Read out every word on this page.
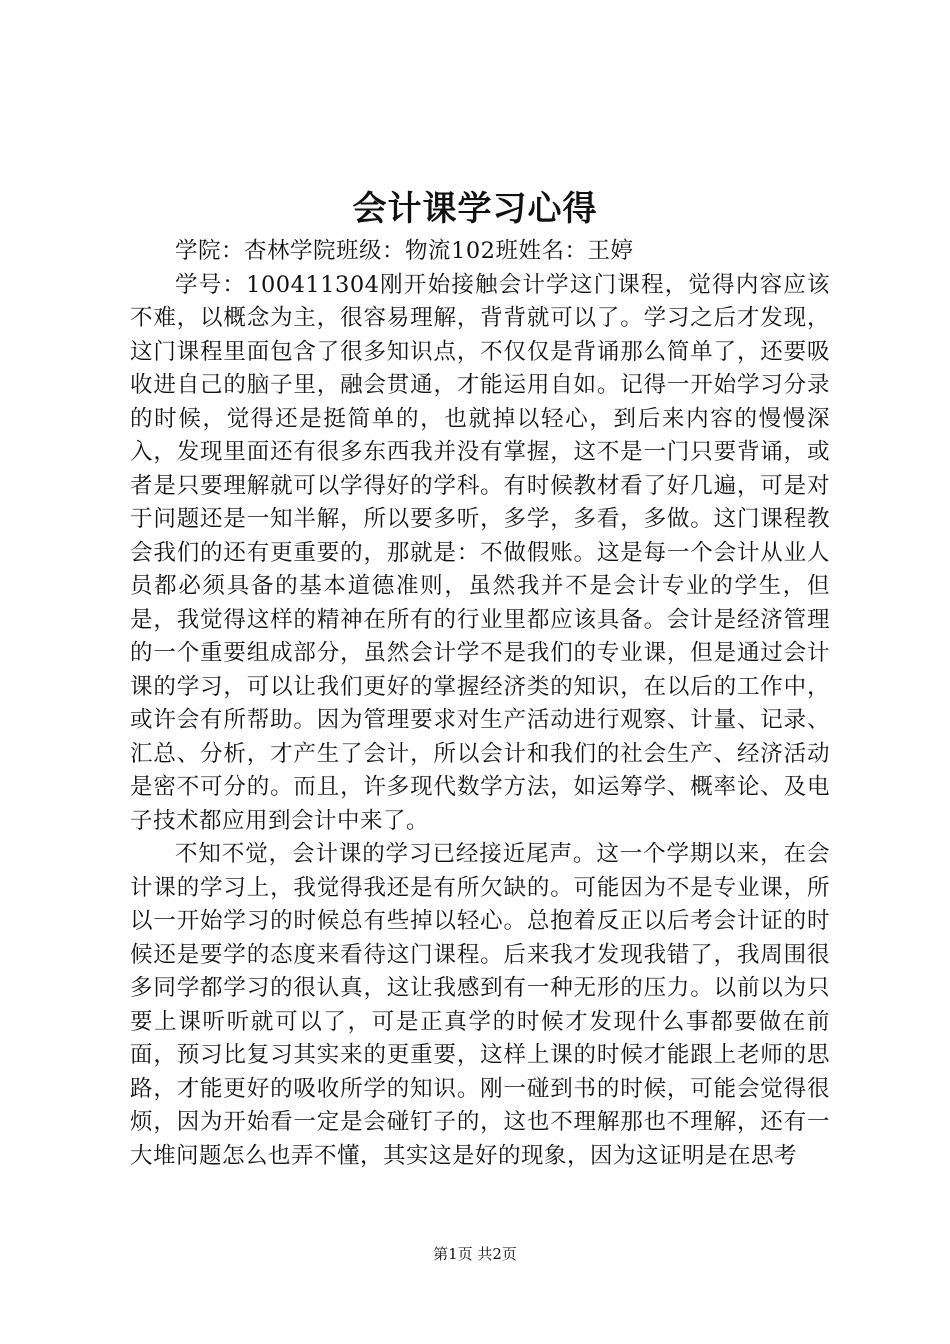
会计课学习心得

学院：杏林学院班级：物流102班姓名：王婷

学号：100411304刚开始接触会计学这门课程，觉得内容应该不难，以概念为主，很容易理解，背背就可以了。学习之后才发现，这门课程里面包含了很多知识点，不仅仅是背诵那么简单了，还要吸收进自己的脑子里，融会贯通，才能运用自如。记得一开始学习分录的时候，觉得还是挺简单的，也就掉以轻心，到后来内容的慢慢深入，发现里面还有很多东西我并没有掌握，这不是一门只要背诵，或者是只要理解就可以学得好的学科。有时候教材看了好几遍，可是对于问题还是一知半解，所以要多听，多学，多看，多做。这门课程教会我们的还有更重要的，那就是：不做假账。这是每一个会计从业人员都必须具备的基本道德准则，虽然我并不是会计专业的学生，但是，我觉得这样的精神在所有的行业里都应该具备。会计是经济管理的一个重要组成部分，虽然会计学不是我们的专业课，但是通过会计课的学习，可以让我们更好的掌握经济类的知识，在以后的工作中，或许会有所帮助。因为管理要求对生产活动进行观察、计量、记录、汇总、分析，才产生了会计，所以会计和我们的社会生产、经济活动是密不可分的。而且，许多现代数学方法，如运筹学、概率论、及电子技术都应用到会计中来了。

不知不觉，会计课的学习已经接近尾声。这一个学期以来，在会计课的学习上，我觉得我还是有所欠缺的。可能因为不是专业课，所以一开始学习的时候总有些掉以轻心。总抱着反正以后考会计证的时候还是要学的态度来看待这门课程。后来我才发现我错了，我周围很多同学都学习的很认真，这让我感到有一种无形的压力。以前以为只要上课听听就可以了，可是正真学的时候才发现什么事都要做在前面，预习比复习其实来的更重要，这样上课的时候才能跟上老师的思路，才能更好的吸收所学的知识。刚一碰到书的时候，可能会觉得很烦，因为开始看一定是会碰钉子的，这也不理解那也不理解，还有一大堆问题怎么也弄不懂，其实这是好的现象，因为这证明是在思考

第1页 共2页
